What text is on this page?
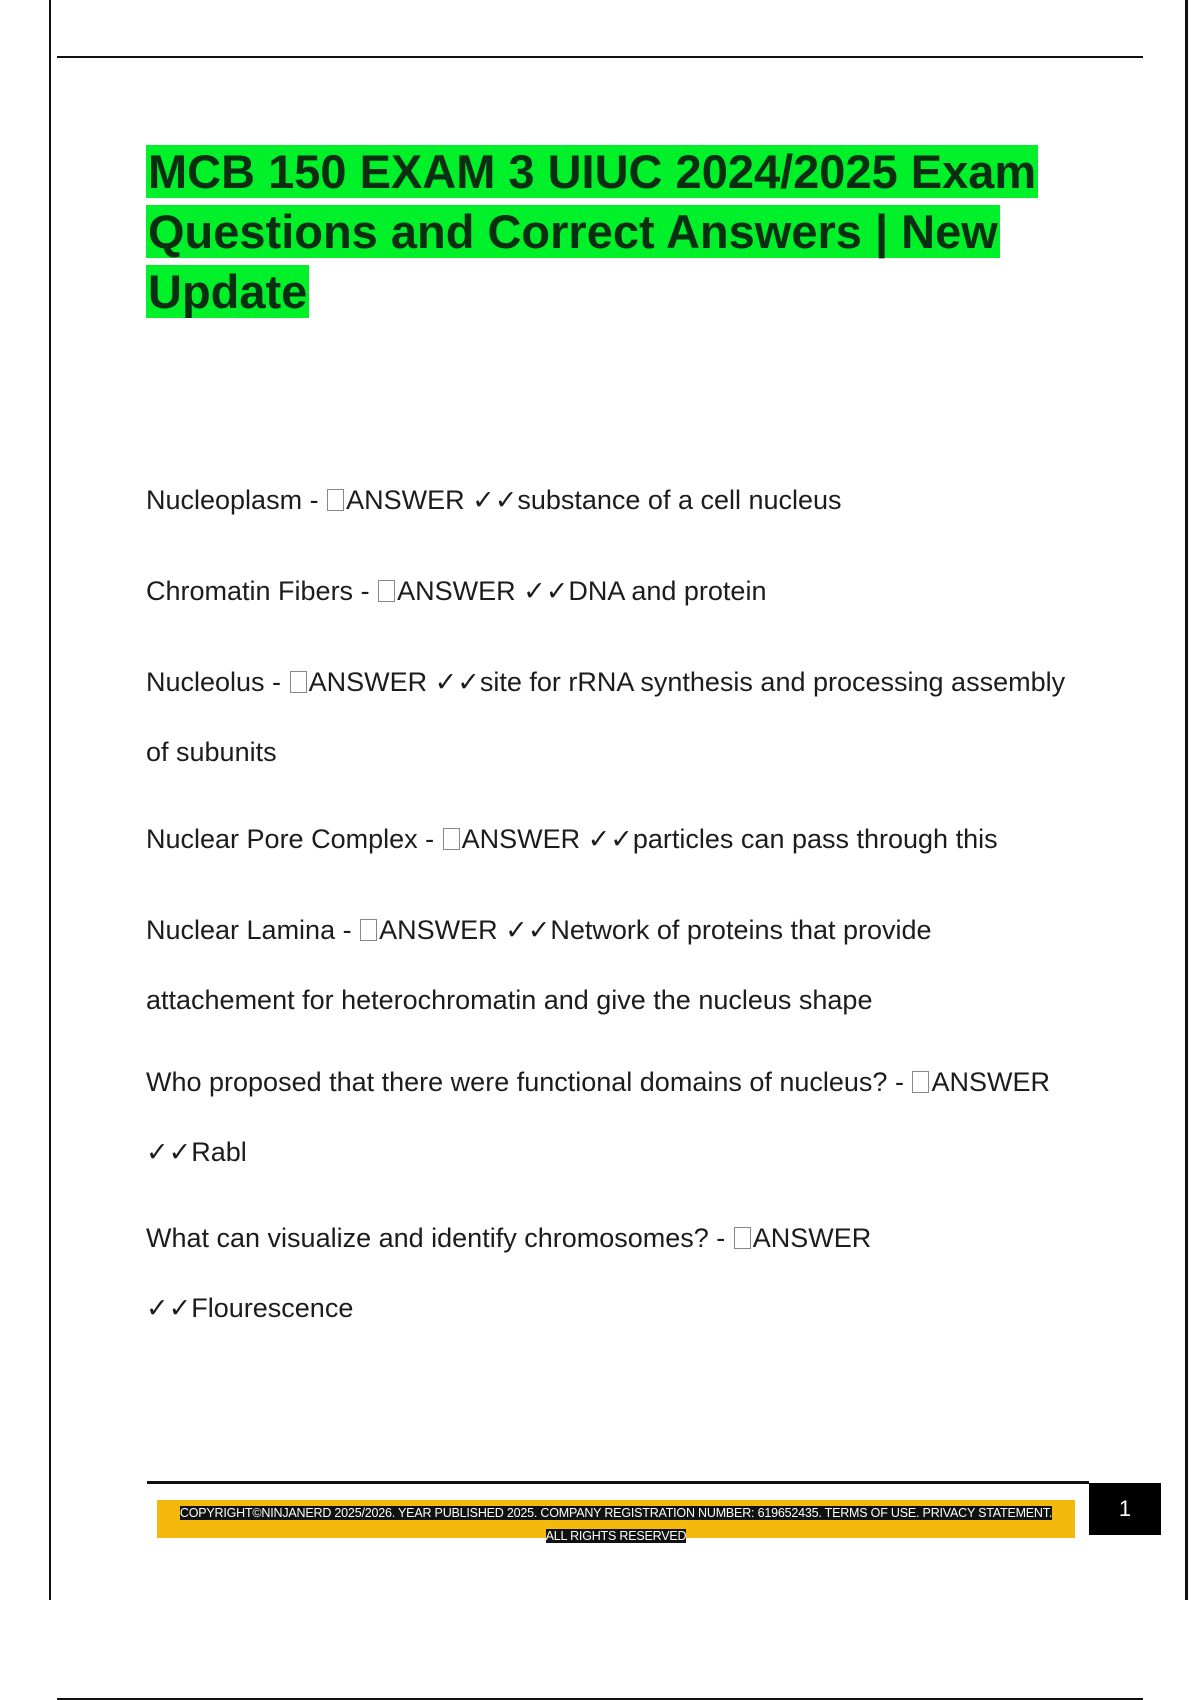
MCB 150 EXAM 3 UIUC 2024/2025 Exam Questions and Correct Answers | New Update

Nucleoplasm - ANSWER ✓✓substance of a cell nucleus

Chromatin Fibers - ANSWER ✓✓DNA and protein

Nucleolus - ANSWER ✓✓site for rRNA synthesis and processing assembly of subunits

Nuclear Pore Complex - ANSWER ✓✓particles can pass through this

Nuclear Lamina - ANSWER ✓✓Network of proteins that provide attachement for heterochromatin and give the nucleus shape

Who proposed that there were functional domains of nucleus? - ANSWER ✓✓Rabl

What can visualize and identify chromosomes? - ANSWER ✓✓Flourescence

COPYRIGHT©NINJANERD 2025/2026. YEAR PUBLISHED 2025. COMPANY REGISTRATION NUMBER: 619652435. TERMS OF USE. PRIVACY STATEMENT. ALL RIGHTS RESERVED
1
